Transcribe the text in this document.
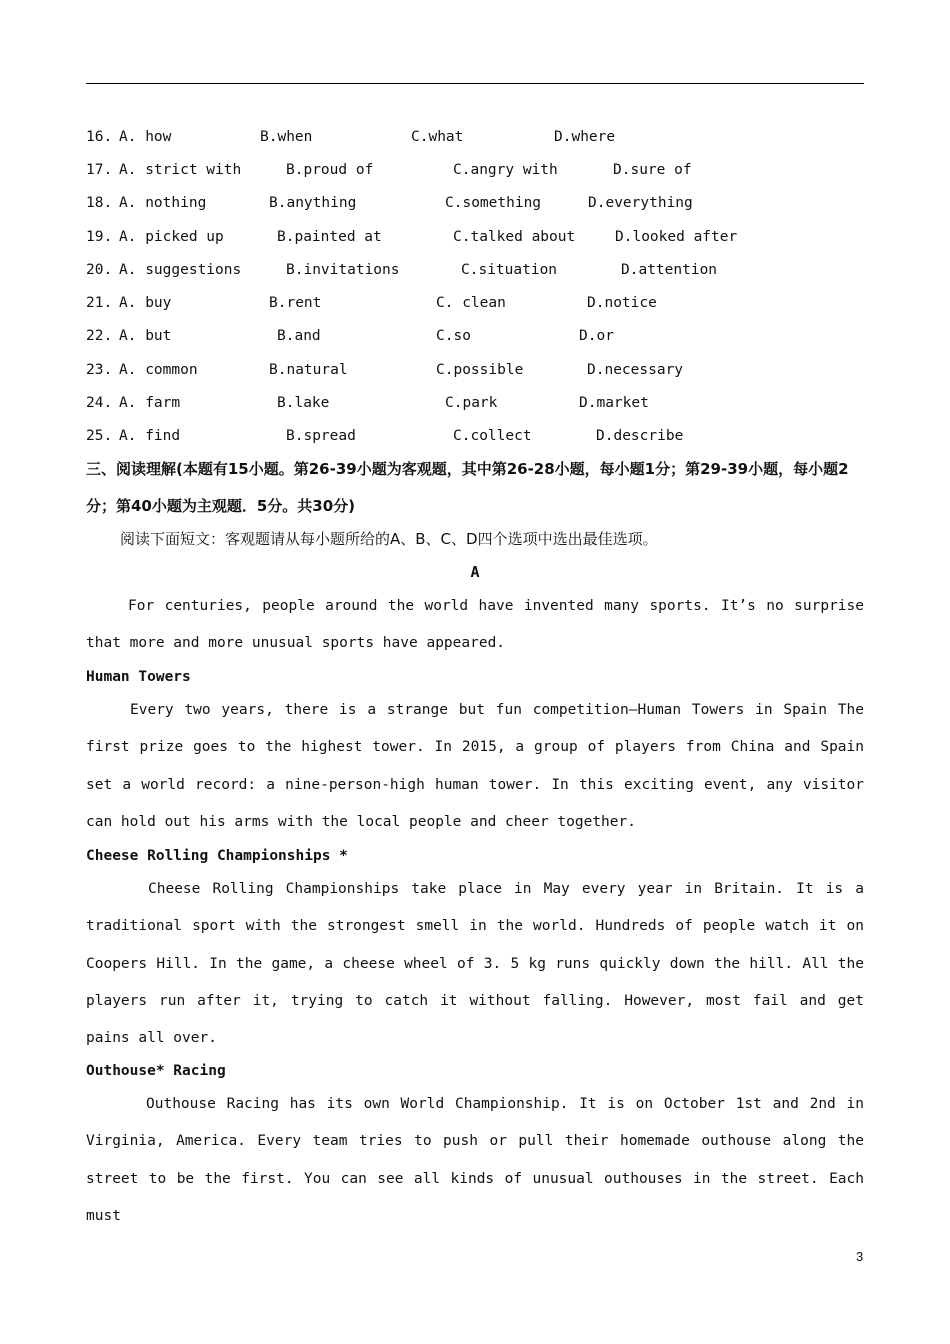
16. A. how	B.when	C.what	D.where
17. A. strict with	B.proud of	C.angry with	D.sure of
18. A. nothing	B.anything	C.something	D.everything
19. A. picked up	B.painted at	C.talked about	D.looked after
20. A. suggestions	B.invitations	C.situation	D.attention
21. A. buy	B.rent	C. clean	D.notice
22. A. but	B.and	C.so	D.or
23. A. common	B.natural	C.possible	D.necessary
24. A. farm	B.lake	C.park	D.market
25. A. find	B.spread	C.collect	D.describe
三、阅读理解(本题有15小题。第26-39小题为客观题，其中第26-28小题，每小题1分；第29-39小题，每小题2分；第40小题为主观题．5分。共30分)
阅读下面短文：客观题请从每小题所给的A、B、C、D四个选项中选出最佳选项。
A
For centuries, people around the world have invented many sports. It’s no surprise that more and more unusual sports have appeared.
Human Towers
Every two years, there is a strange but fun competition—Human Towers in Spain The first prize goes to the highest tower. In 2015, a group of players from China and Spain set a world record: a nine-person-high human tower. In this exciting event, any visitor can hold out his arms with the local people and cheer together.
Cheese Rolling Championships *
Cheese Rolling Championships take place in May every year in Britain. It is a traditional sport with the strongest smell in the world. Hundreds of people watch it on Coopers Hill. In the game, a cheese wheel of 3. 5 kg runs quickly down the hill. All the players run after it, trying to catch it without falling. However, most fail and get pains all over.
Outhouse* Racing
Outhouse Racing has its own World Championship. It is on October 1st and 2nd in Virginia, America. Every team tries to push or pull their homemade outhouse along the street to be the first. You can see all kinds of unusual outhouses in the street. Each must
3
